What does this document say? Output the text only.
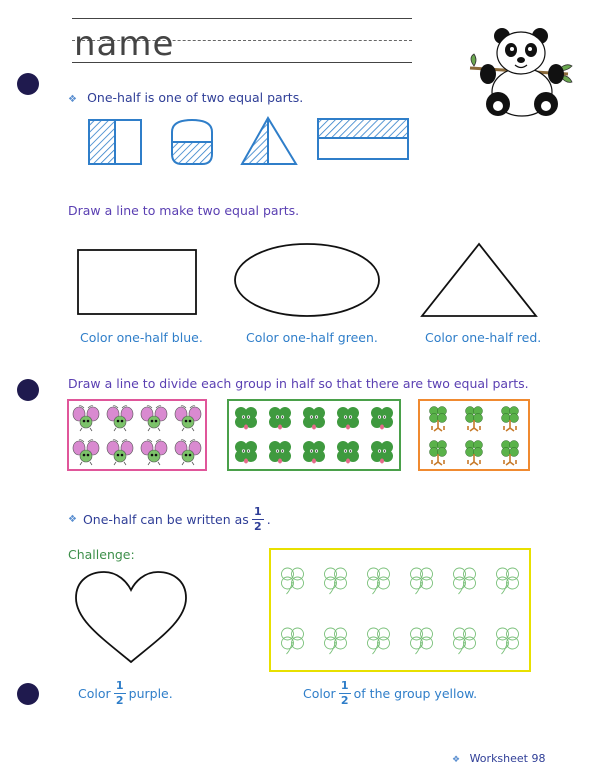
name
❖ One-half is one of two equal parts.
Draw a line to make two equal parts.
Color one-half blue.	Color one-half green.	Color one-half red.
Draw a line to divide each group in half so that there are two equal parts.
❖ One-half can be written as $\frac{1}{2}$ .
Challenge:
Color $\frac{1}{2}$ purple.	Color $\frac{1}{2}$ of the group yellow.
❖ Worksheet 98
